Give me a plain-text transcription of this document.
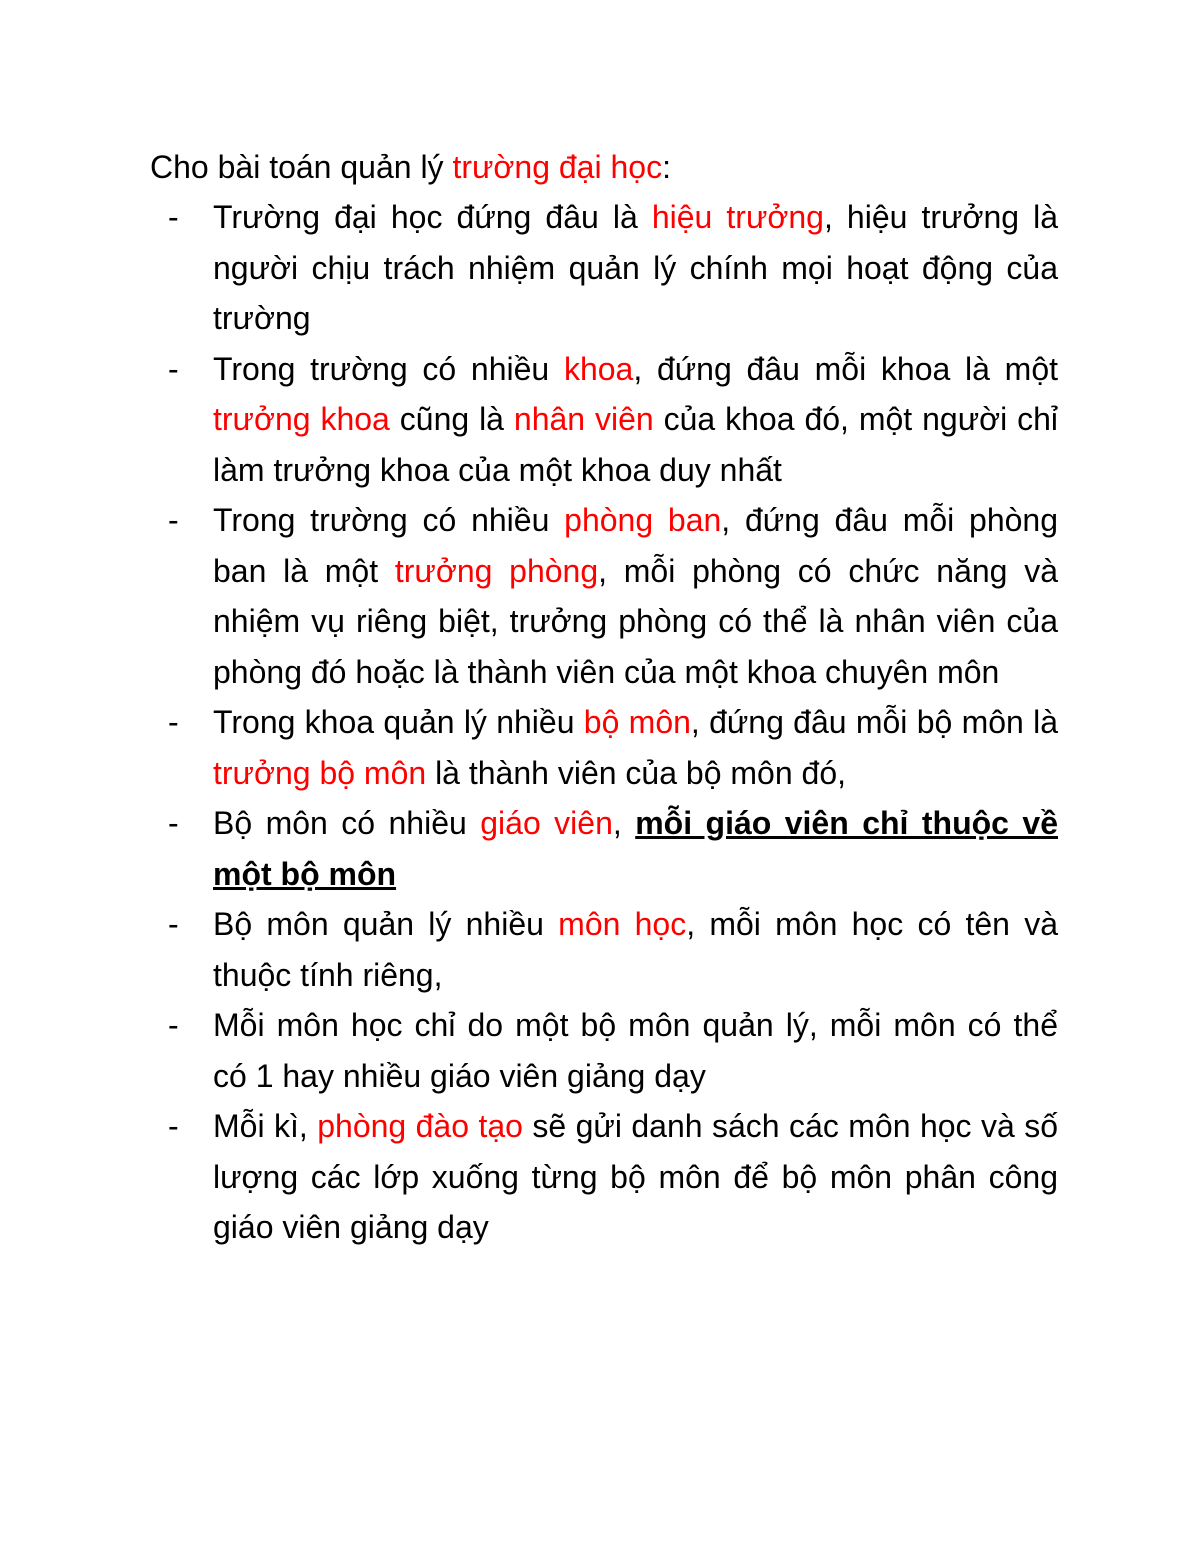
Cho bài toán quản lý trường đại học:
- Trường đại học đứng đâu là hiệu trưởng, hiệu trưởng là người chịu trách nhiệm quản lý chính mọi hoạt động của trường
- Trong trường có nhiều khoa, đứng đâu mỗi khoa là một trưởng khoa cũng là nhân viên của khoa đó, một người chỉ làm trưởng khoa của một khoa duy nhất
- Trong trường có nhiều phòng ban, đứng đâu mỗi phòng ban là một trưởng phòng, mỗi phòng có chức năng và nhiệm vụ riêng biệt, trưởng phòng có thể là nhân viên của phòng đó hoặc là thành viên của một khoa chuyên môn
- Trong khoa quản lý nhiều bộ môn, đứng đâu mỗi bộ môn là trưởng bộ môn là thành viên của bộ môn đó,
- Bộ môn có nhiều giáo viên, mỗi giáo viên chỉ thuộc về một bộ môn
- Bộ môn quản lý nhiều môn học, mỗi môn học có tên và thuộc tính riêng,
- Mỗi môn học chỉ do một bộ môn quản lý, mỗi môn có thể có 1 hay nhiều giáo viên giảng dạy
- Mỗi kì, phòng đào tạo sẽ gửi danh sách các môn học và số lượng các lớp xuống từng bộ môn để bộ môn phân công giáo viên giảng dạy
